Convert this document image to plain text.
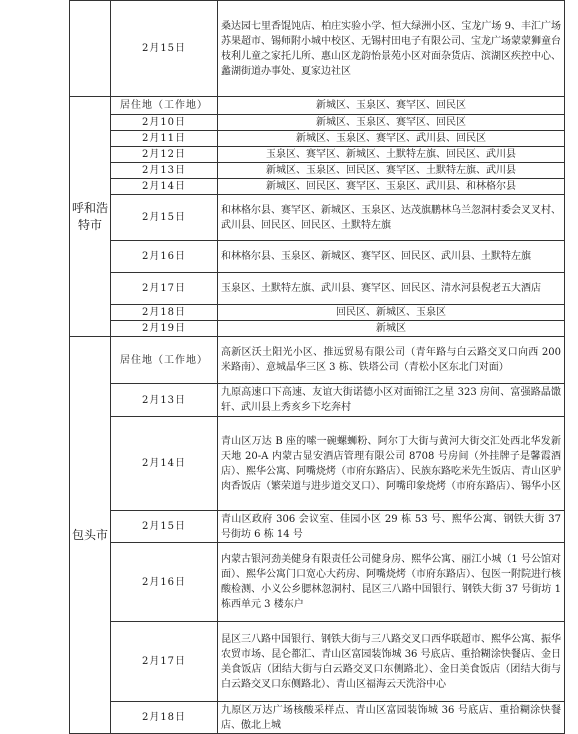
	2月15日	桑达园七里香馄饨店、柏庄实验小学、恒大绿洲小区、宝龙广场 9、丰汇广场苏果超市、锡师附小城中校区、无锡村田电子有限公司、宝龙广场蒙蒙狮童台枝利儿童之家托儿所、惠山区龙韵怡景苑小区对面杂货店、滨湖区疾控中心、蠡湖街道办事处、夏家边社区
呼和浩特市	居住地（工作地）	新城区、玉泉区、赛罕区、回民区
	2月10日	新城区、玉泉区、赛罕区、回民区
	2月11日	新城区、玉泉区、赛罕区、武川县、回民区
	2月12日	玉泉区、赛罕区、新城区、土默特左旗、回民区、武川县
	2月13日	新城区、玉泉区、回民区、赛罕区、土默特左旗、武川县
	2月14日	新城区、回民区、赛罕区、玉泉区、武川县、和林格尔县
	2月15日	和林格尔县、赛罕区、新城区、玉泉区、达茂旗鹏林乌兰忽洞村委会叉叉村、武川县、回民区、回民区、土默特左旗
	2月16日	和林格尔县、玉泉区、新城区、赛罕区、回民区、武川县、土默特左旗
	2月17日	玉泉区、土默特左旗、武川县、赛罕区、回民区、清水河县倪老五大酒店
	2月18日	回民区、新城区、玉泉区
	2月19日	新城区
包头市	居住地（工作地）	高新区沃土阳光小区、推远贸易有限公司（青年路与白云路交叉口向西 200 米路南）、意城晶华三区 3 栋、铁塔公司（青松小区东北门对面）
	2月13日	九原高速口下高速、友谊大街诺德小区对面锦江之星 323 房间、富强路晶馓轩、武川县上秀亥乡下圪奔村
	2月14日	青山区万达 B 座的嗦一碗螺蛳粉、阿尔丁大街与黄河大街交汇处西北华发新天地 20-A 内蒙古显安酒店管理有限公司 8708 号房间（外挂牌子是馨霞酒店）、熙华公寓、阿嘴烧烤（市府东路店）、民族东路吃米先生饭店、青山区驴肉香饭店（繁荣道与进步道交叉口）、阿嘴印象烧烤（市府东路店）、锡华小区
	2月15日	青山区政府 306 会议室、佳园小区 29 栋 53 号、熙华公寓、钢铁大街 37 号街坊 6 栋 14 号
	2月16日	内蒙古银河劲美健身有限责任公司健身房、熙华公寓、丽江小城（1 号公馆对面）、熙华公寓门口宽心大药房、阿嘴烧烤（市府东路店）、包医一附院进行核酸检测、小义公乡腮林忽洞村、昆区三八路中国银行、钢铁大街 37 号街坊 1 栋西单元 3 楼东户
	2月17日	昆区三八路中国银行、钢铁大街与三八路交叉口西华联超市、熙华公寓、振华农贸市场、昆仑都汇、青山区富园装饰城 36 号底店、重拾糊涂快餐店、金日美食饭店（团结大街与白云路交叉口东侧路北）、金日美食饭店（团结大街与白云路交叉口东侧路北）、青山区福海云天洗浴中心
	2月18日	九原区万达广场核酸采样点、青山区富园装饰城 36 号底店、重拾糊涂快餐店、傲北上城
